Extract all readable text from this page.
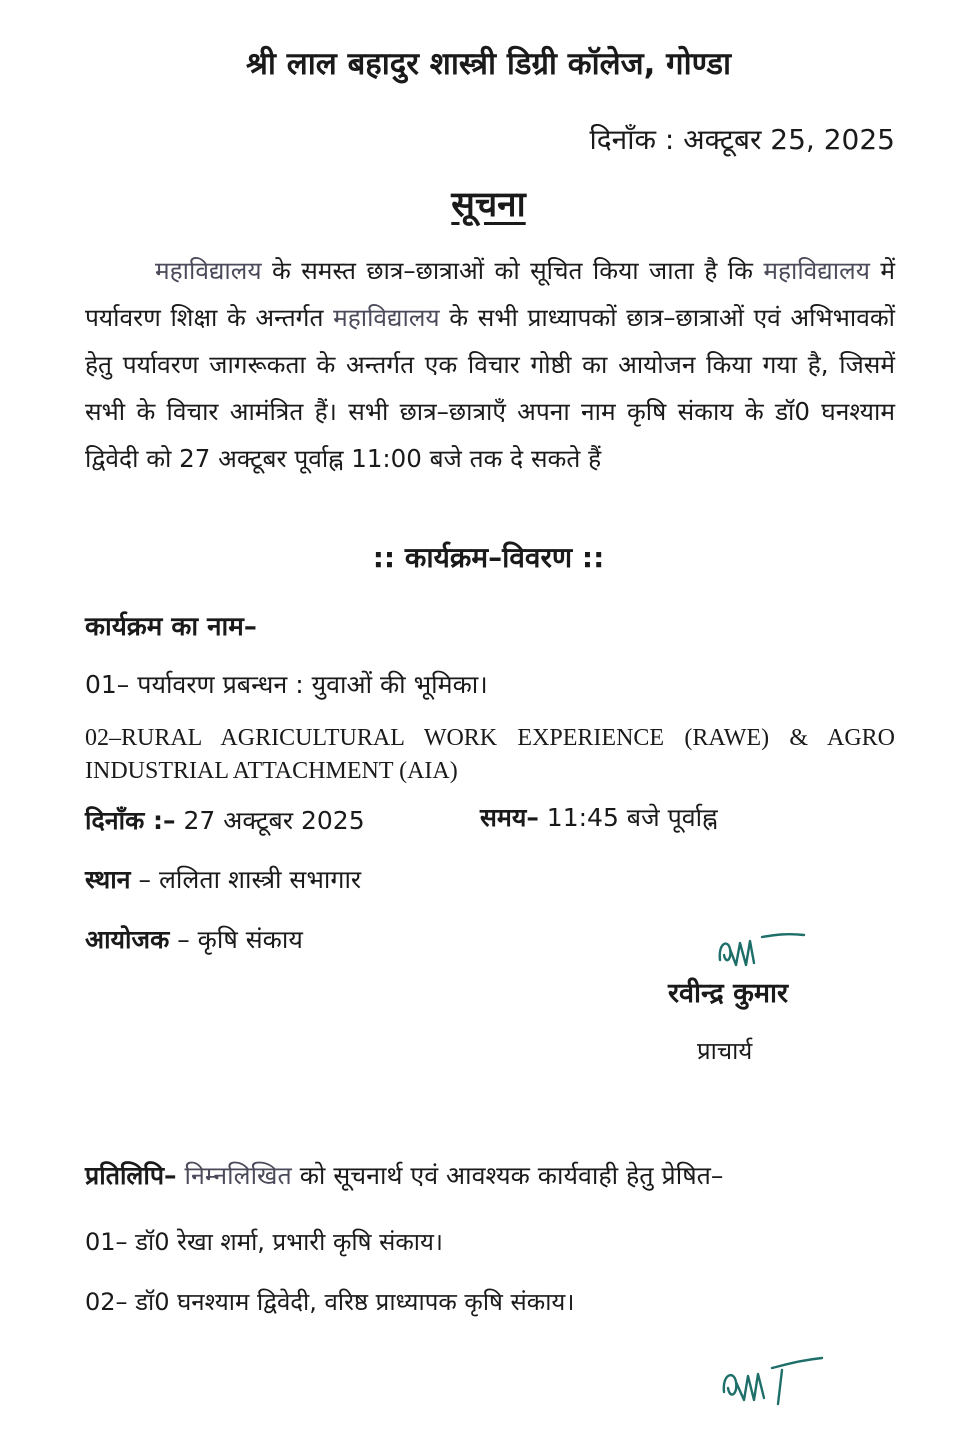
श्री लाल बहादुर शास्त्री डिग्री कॉलेज, गोण्डा
दिनाँक : अक्टूबर 25, 2025
सूचना
महाविद्यालय के समस्त छात्र–छात्राओं को सूचित किया जाता है कि महाविद्यालय में पर्यावरण शिक्षा के अन्तर्गत महाविद्यालय के सभी प्राध्यापकों छात्र–छात्राओं एवं अभिभावकों हेतु पर्यावरण जागरूकता के अन्तर्गत एक विचार गोष्ठी का आयोजन किया गया है, जिसमें सभी के विचार आमंत्रित हैं। सभी छात्र–छात्राएँ अपना नाम कृषि संकाय के डॉ0 घनश्याम द्विवेदी को 27 अक्टूबर पूर्वाह्न 11:00 बजे तक दे सकते हैं
:: कार्यक्रम–विवरण ::
कार्यक्रम का नाम–
01– पर्यावरण प्रबन्धन : युवाओं की भूमिका।
02–RURAL AGRICULTURAL WORK EXPERIENCE (RAWE) & AGRO INDUSTRIAL ATTACHMENT (AIA)
दिनाँक :– 27 अक्टूबर 2025	समय– 11:45 बजे पूर्वाह्न
स्थान – ललिता शास्त्री सभागार
आयोजक – कृषि संकाय
रवीन्द्र कुमार
प्राचार्य
प्रतिलिपि– निम्नलिखित को सूचनार्थ एवं आवश्यक कार्यवाही हेतु प्रेषित–
01– डॉ0 रेखा शर्मा, प्रभारी कृषि संकाय।
02– डॉ0 घनश्याम द्विवेदी, वरिष्ठ प्राध्यापक कृषि संकाय।
